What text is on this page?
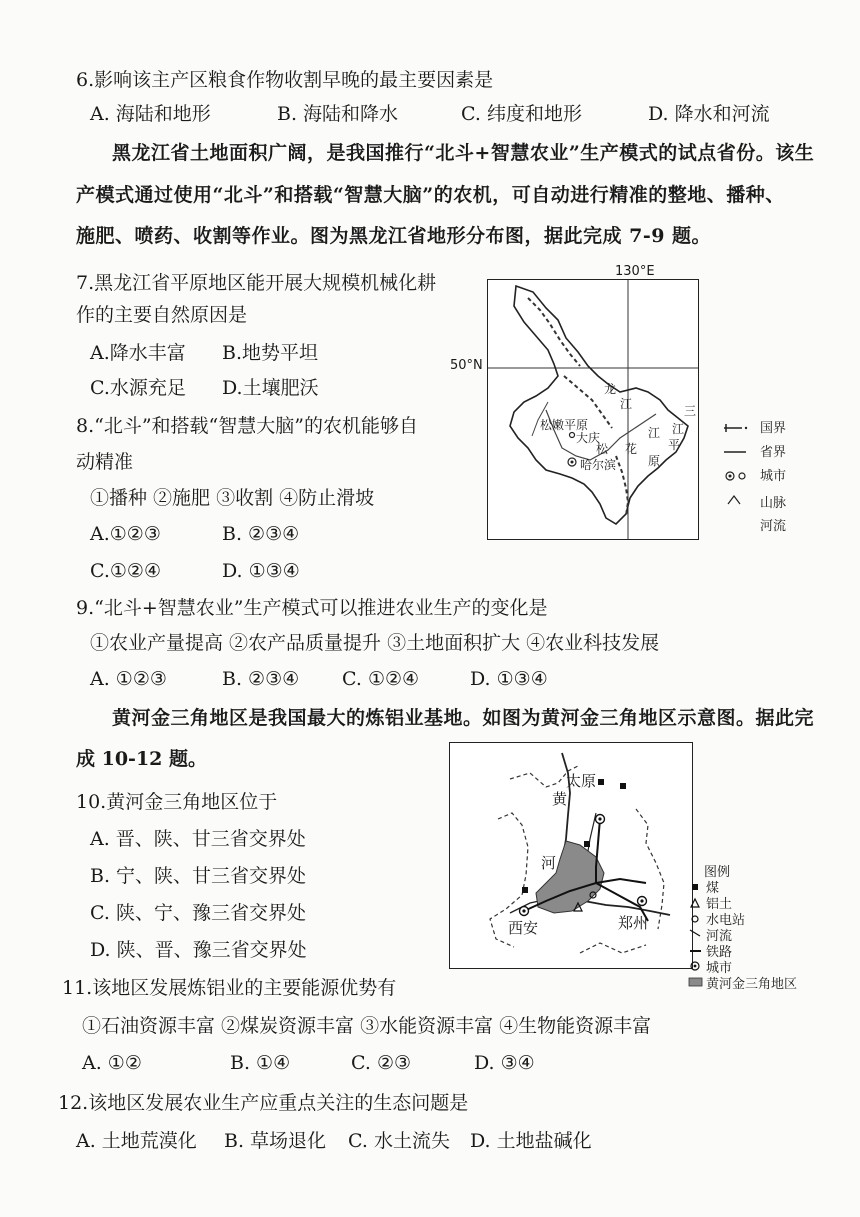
6.影响该主产区粮食作物收割早晚的最主要因素是
A. 海陆和地形	B. 海陆和降水	C. 纬度和地形	D. 降水和河流
黑龙江省土地面积广阔，是我国推行“北斗+智慧农业”生产模式的试点省份。该生
产模式通过使用“北斗”和搭载“智慧大脑”的农机，可自动进行精准的整地、播种、
施肥、喷药、收割等作业。图为黑龙江省地形分布图，据此完成 7-9 题。
7.黑龙江省平原地区能开展大规模机械化耕
作的主要自然原因是
A.降水丰富 B.地势平坦
C.水源充足 D.土壤肥沃
8.“北斗”和搭载“智慧大脑”的农机能够自
动精准
①播种 ②施肥 ③收割 ④防止滑坡
A.①②③	B. ②③④
C.①②④	D. ①③④
9.“北斗+智慧农业”生产模式可以推进农业生产的变化是
①农业产量提高 ②农产品质量提升 ③土地面积扩大 ④农业科技发展
A. ①②③	B. ②③④ C. ①②④	D. ①③④
黄河金三角地区是我国最大的炼铝业基地。如图为黄河金三角地区示意图。据此完
成 10-12 题。
10.黄河金三角地区位于
A. 晋、陕、甘三省交界处
B. 宁、陕、甘三省交界处
C. 陕、宁、豫三省交界处
D. 陕、晋、豫三省交界处
11.该地区发展炼铝业的主要能源优势有
①石油资源丰富 ②煤炭资源丰富 ③水能资源丰富 ④生物能资源丰富
A. ①②	B. ①④	C. ②③	D. ③④
12.该地区发展农业生产应重点关注的生态问题是
A. 土地荒漠化 B. 草场退化 C. 水土流失 D. 土地盐碱化
130°E
50°N
松嫩平原
大庆
哈尔滨
松
江 江
平
花
原
龙
江	三
国界
省界
城市
山脉
河流
黄
太原
河
西安	郑州
图例
煤
铝土
水电站
河流
铁路
城市
黄河金三角地区
